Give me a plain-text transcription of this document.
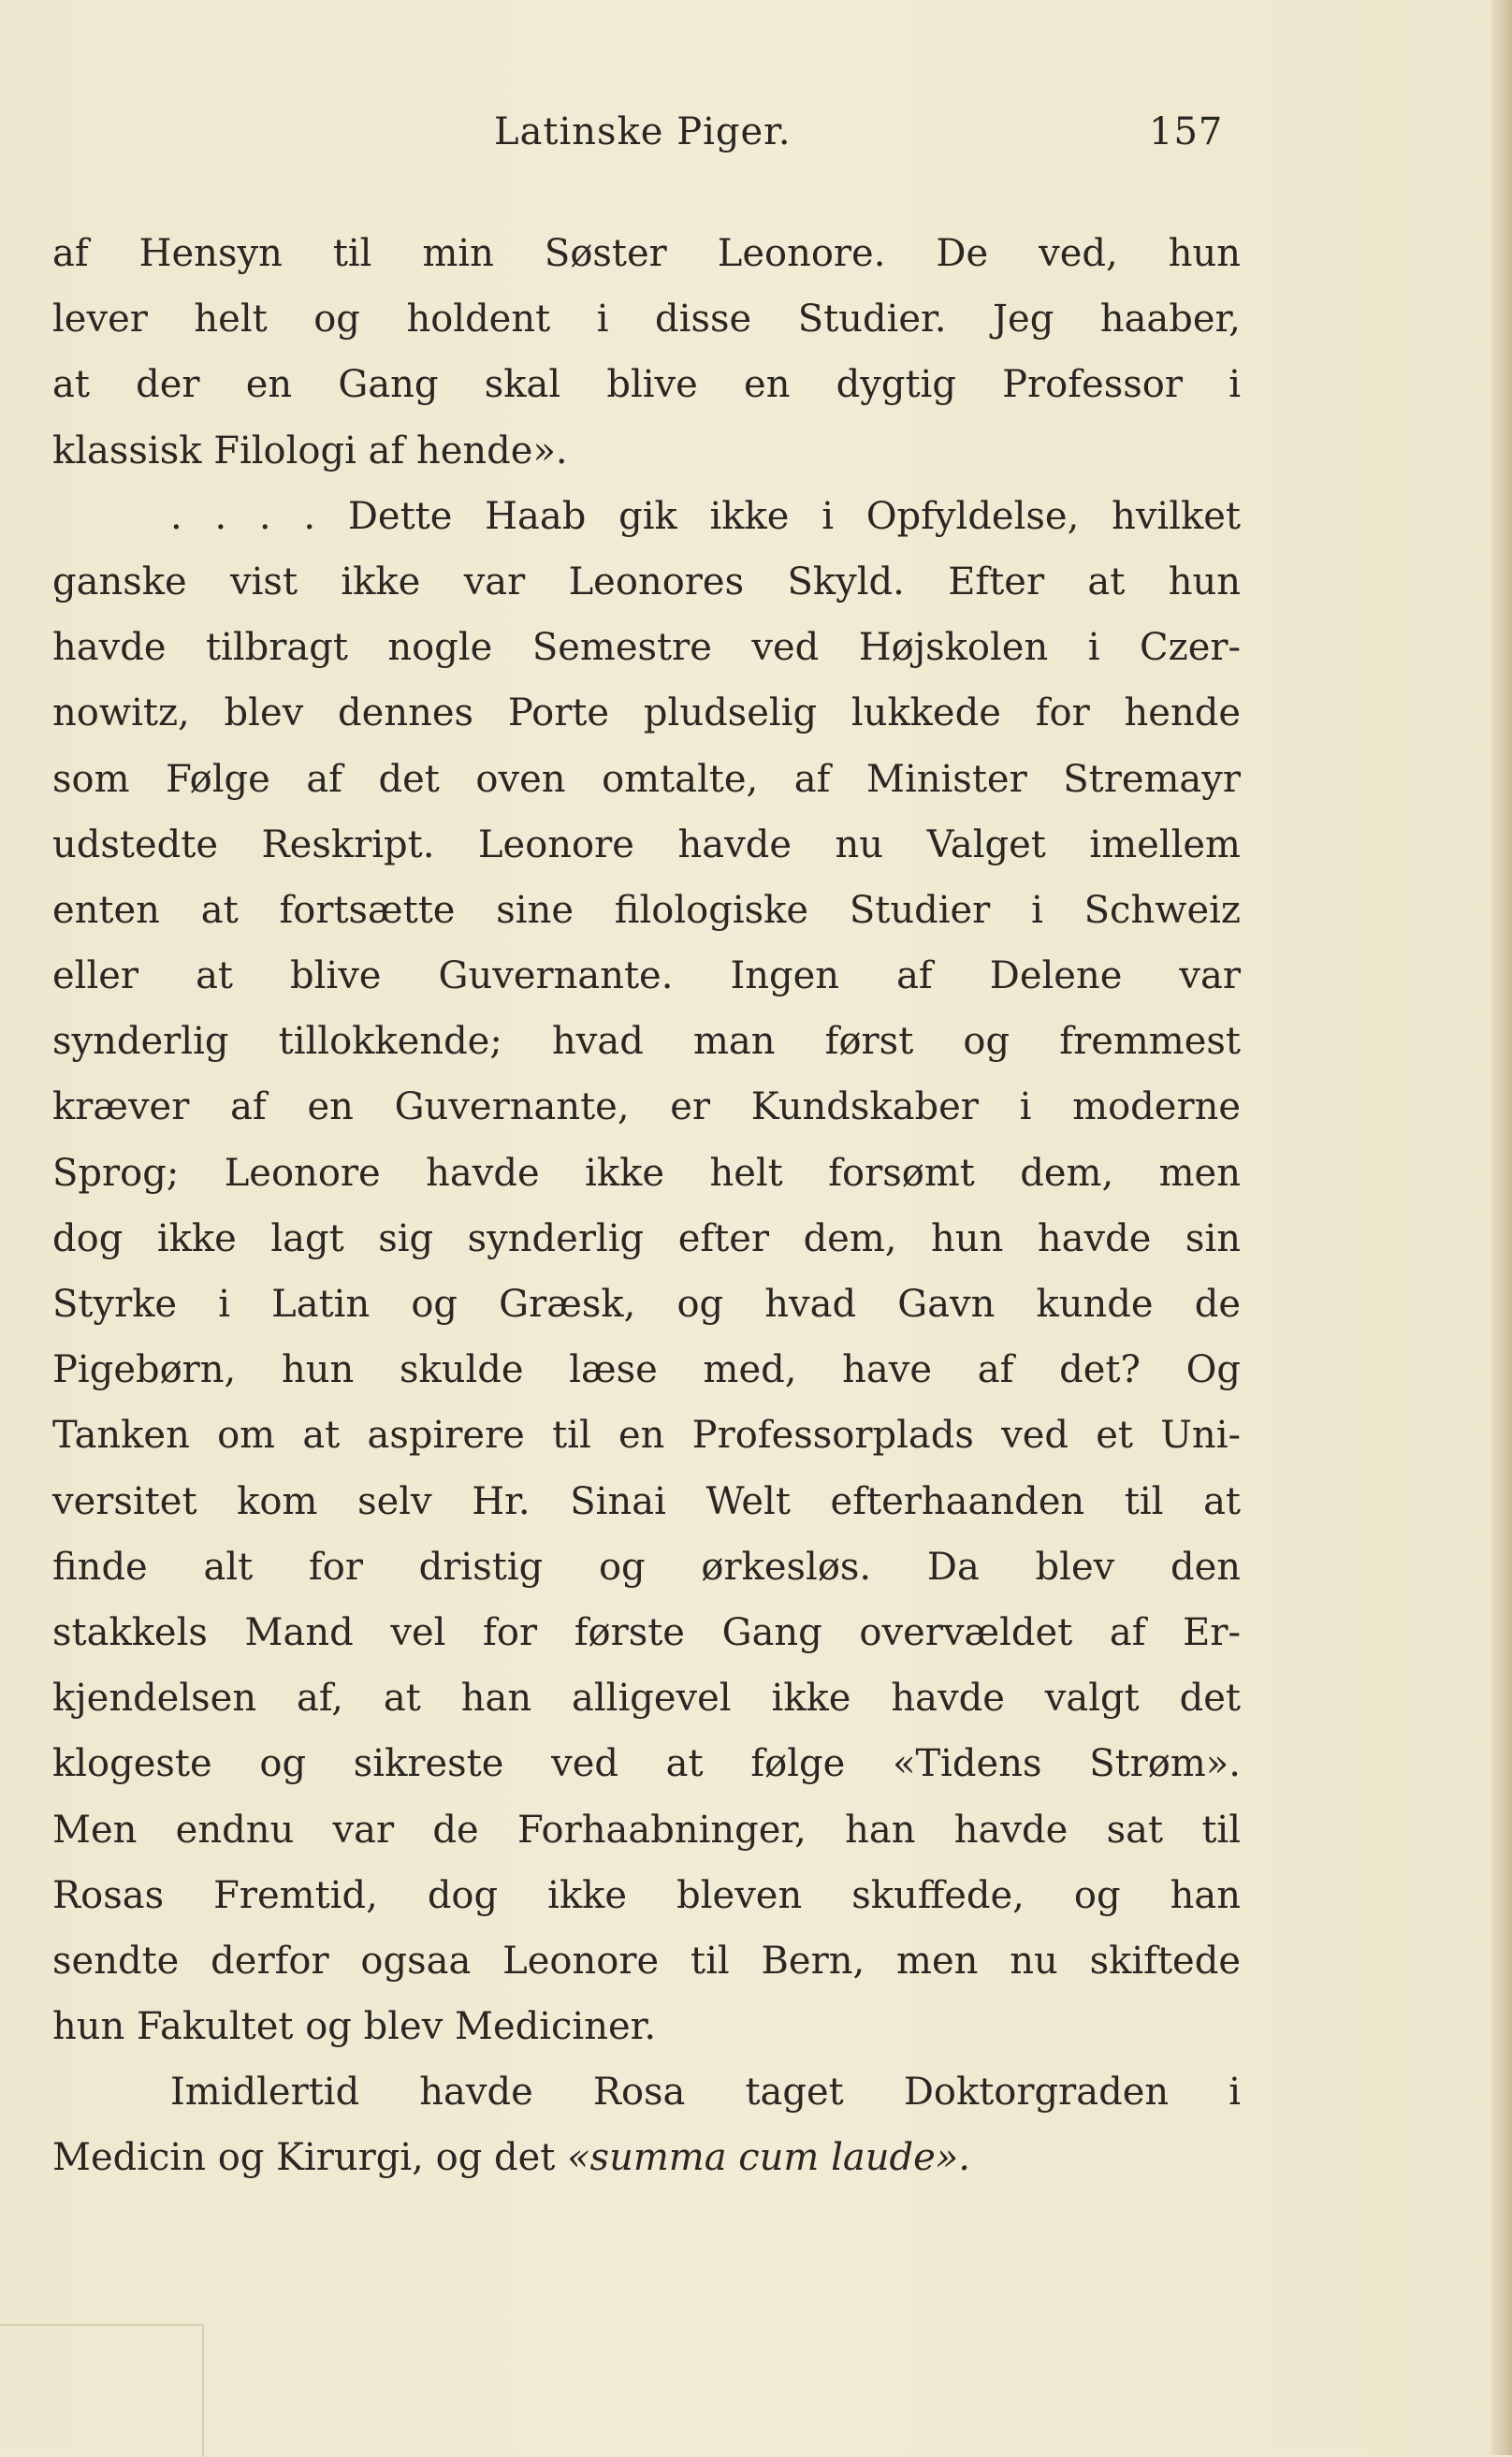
Latinske Piger.	157
af Hensyn til min Søster Leonore. De ved, hun
lever helt og holdent i disse Studier. Jeg haaber,
at der en Gang skal blive en dygtig Professor i
klassisk Filologi af hende».
. . . . Dette Haab gik ikke i Opfyldelse, hvilket
ganske vist ikke var Leonores Skyld. Efter at hun
havde tilbragt nogle Semestre ved Højskolen i Czer-
nowitz, blev dennes Porte pludselig lukkede for hende
som Følge af det oven omtalte, af Minister Stremayr
udstedte Reskript. Leonore havde nu Valget imellem
enten at fortsætte sine filologiske Studier i Schweiz
eller at blive Guvernante. Ingen af Delene var
synderlig tillokkende; hvad man først og fremmest
kræver af en Guvernante, er Kundskaber i moderne
Sprog; Leonore havde ikke helt forsømt dem, men
dog ikke lagt sig synderlig efter dem, hun havde sin
Styrke i Latin og Græsk, og hvad Gavn kunde de
Pigebørn, hun skulde læse med, have af det? Og
Tanken om at aspirere til en Professorplads ved et Uni-
versitet kom selv Hr. Sinai Welt efterhaanden til at
finde alt for dristig og ørkesløs. Da blev den
stakkels Mand vel for første Gang overvældet af Er-
kjendelsen af, at han alligevel ikke havde valgt det
klogeste og sikreste ved at følge «Tidens Strøm».
Men endnu var de Forhaabninger, han havde sat til
Rosas Fremtid, dog ikke bleven skuffede, og han
sendte derfor ogsaa Leonore til Bern, men nu skiftede
hun Fakultet og blev Mediciner.
Imidlertid havde Rosa taget Doktorgraden i
Medicin og Kirurgi, og det «summa cum laude».
